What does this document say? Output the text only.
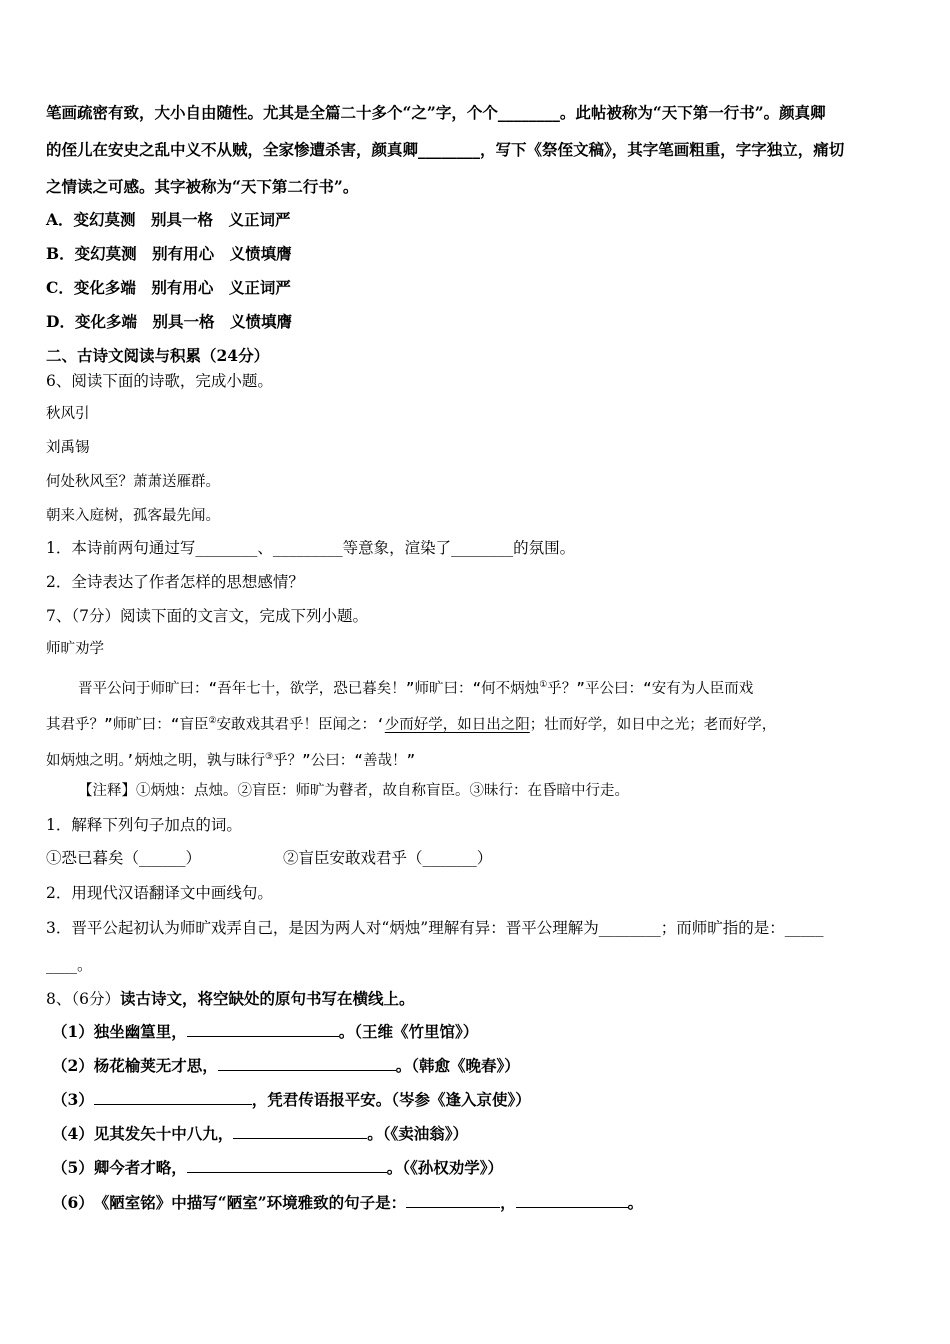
笔画疏密有致，大小自由随性。尤其是全篇二十多个“之”字，个个________。此帖被称为“天下第一行书”。颜真卿
的侄儿在安史之乱中义不从贼，全家惨遭杀害，颜真卿________，写下《祭侄文稿》，其字笔画粗重，字字独立，痛切
之情读之可感。其字被称为“天下第二行书”。
A．变幻莫测　别具一格　义正词严
B．变幻莫测　别有用心　义愤填膺
C．变化多端　别有用心　义正词严
D．变化多端　别具一格　义愤填膺
二、古诗文阅读与积累（24分）
6、阅读下面的诗歌，完成小题。
秋风引
刘禹锡
何处秋风至？萧萧送雁群。
朝来入庭树，孤客最先闻。
1．本诗前两句通过写________、_________等意象，渲染了________的氛围。
2．全诗表达了作者怎样的思想感情？
7、（7分）阅读下面的文言文，完成下列小题。
师旷劝学
晋平公问于师旷曰：“吾年七十，欲学，恐已暮矣！”师旷曰：“何不炳烛①乎？”平公曰：“安有为人臣而戏
其君乎？”师旷曰：“盲臣②安敢戏其君乎！臣闻之：‘少而好学，如日出之阳；壮而好学，如日中之光；老而好学，
如炳烛之明。’炳烛之明，孰与昧行③乎？”公曰：“善哉！”
【注释】①炳烛：点烛。②盲臣：师旷为瞽者，故自称盲臣。③昧行：在昏暗中行走。
1．解释下列句子加点的词。
①恐已暮矣（______）	②盲臣安敢戏君乎（_______）
2．用现代汉语翻译文中画线句。
3．晋平公起初认为师旷戏弄自己，是因为两人对“炳烛”理解有异：晋平公理解为________；而师旷指的是：_____
____。
8、（6分）读古诗文，将空缺处的原句书写在横线上。
（1）独坐幽篁里，	。（王维《竹里馆》）
（2）杨花榆荚无才思，	。（韩愈《晚春》）
（3）	，凭君传语报平安。（岑参《逢入京使》）
（4）见其发矢十中八九，	。（《卖油翁》）
（5）卿今者才略，	。（《孙权劝学》）
（6）　《陋室铭》中描写“陋室”环境雅致的句子是：	，	。
